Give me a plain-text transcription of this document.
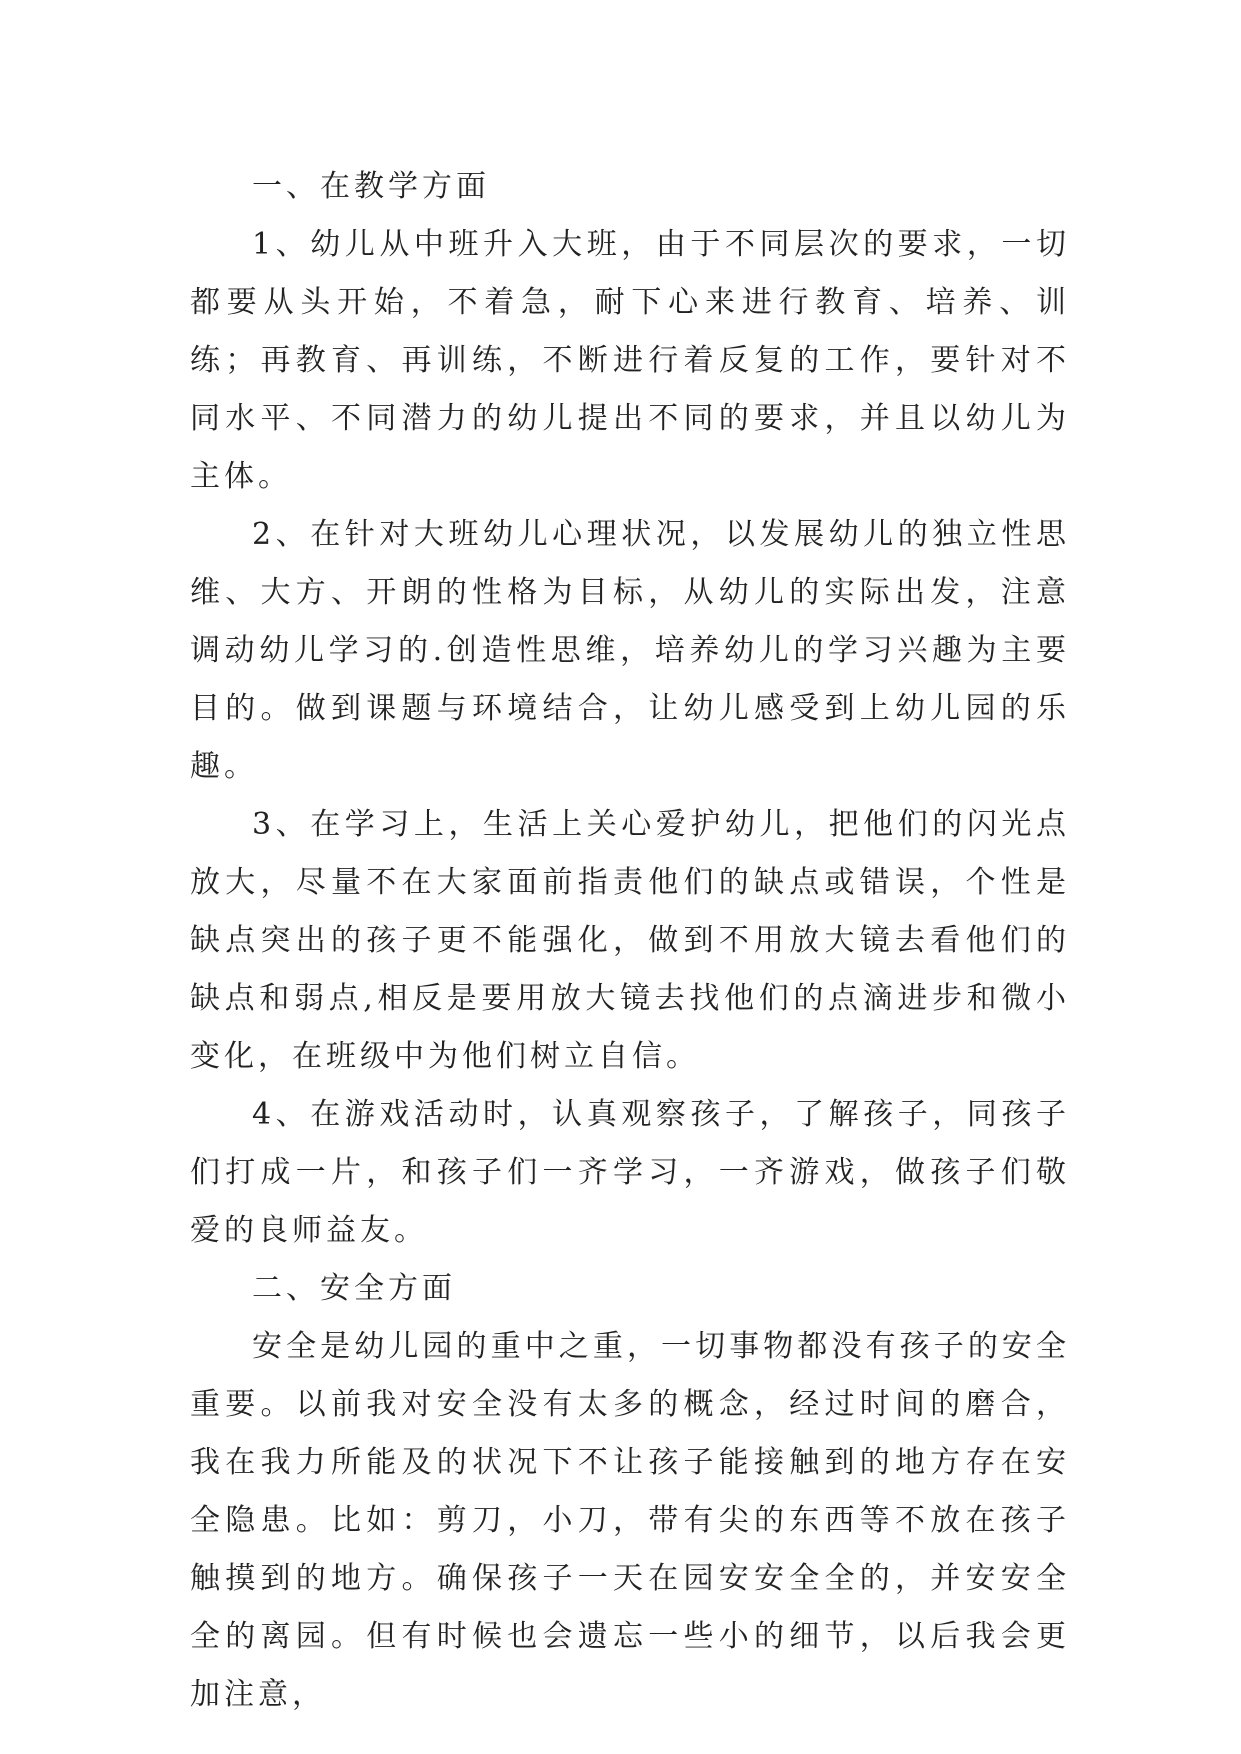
一、在教学方面

1、幼儿从中班升入大班，由于不同层次的要求，一切都要从头开始，不着急，耐下心来进行教育、培养、训练；再教育、再训练，不断进行着反复的工作，要针对不同水平、不同潜力的幼儿提出不同的要求，并且以幼儿为主体。

2、在针对大班幼儿心理状况，以发展幼儿的独立性思维、大方、开朗的性格为目标，从幼儿的实际出发，注意调动幼儿学习的.创造性思维，培养幼儿的学习兴趣为主要目的。做到课题与环境结合，让幼儿感受到上幼儿园的乐趣。

3、在学习上，生活上关心爱护幼儿，把他们的闪光点放大，尽量不在大家面前指责他们的缺点或错误，个性是缺点突出的孩子更不能强化，做到不用放大镜去看他们的缺点和弱点,相反是要用放大镜去找他们的点滴进步和微小变化，在班级中为他们树立自信。

4、在游戏活动时，认真观察孩子，了解孩子，同孩子们打成一片，和孩子们一齐学习，一齐游戏，做孩子们敬爱的良师益友。

二、安全方面

安全是幼儿园的重中之重，一切事物都没有孩子的安全重要。以前我对安全没有太多的概念，经过时间的磨合，我在我力所能及的状况下不让孩子能接触到的地方存在安全隐患。比如：剪刀，小刀，带有尖的东西等不放在孩子触摸到的地方。确保孩子一天在园安安全全的，并安安全全的离园。但有时候也会遗忘一些小的细节，以后我会更加注意，
